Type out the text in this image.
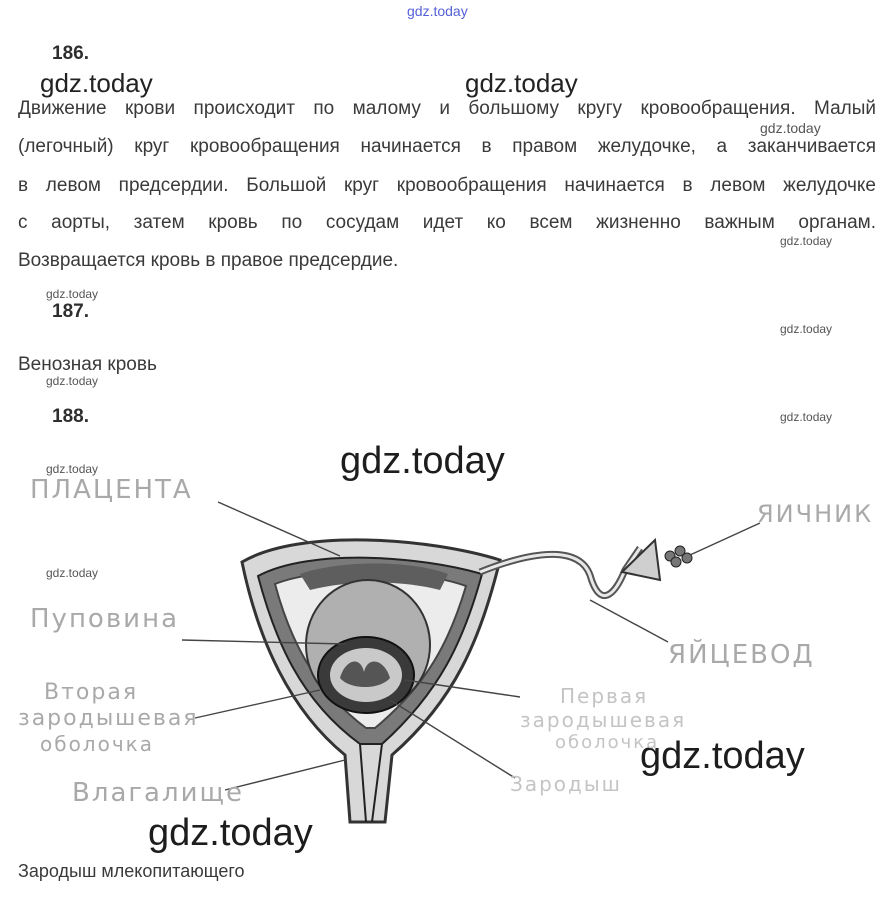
gdz.today
gdz.today	gdz.today
gdz.today
gdz.today
gdz.today
gdz.today
gdz.today
gdz.today
gdz.today
gdz.today
gdz.today
gdz.today
gdz.today
186.
Движение крови происходит по малому и большому кругу кровообращения. Малый
(легочный) круг кровообращения начинается в правом желудочке, а заканчивается
в левом предсердии. Большой круг кровообращения начинается в левом желудочке
с аорты, затем кровь по сосудам идет ко всем жизненно важным органам.
Возвращается кровь в правое предсердие.
187.
Венозная кровь
188.
ПЛАЦЕНТА
ЯИЧНИК
Пуповина
ЯЙЦЕВОД
Вторая
зародышевая
оболочка
Первая
зародышевая
оболочка
Влагалище	Зародыш
Зародыш млекопитающего
